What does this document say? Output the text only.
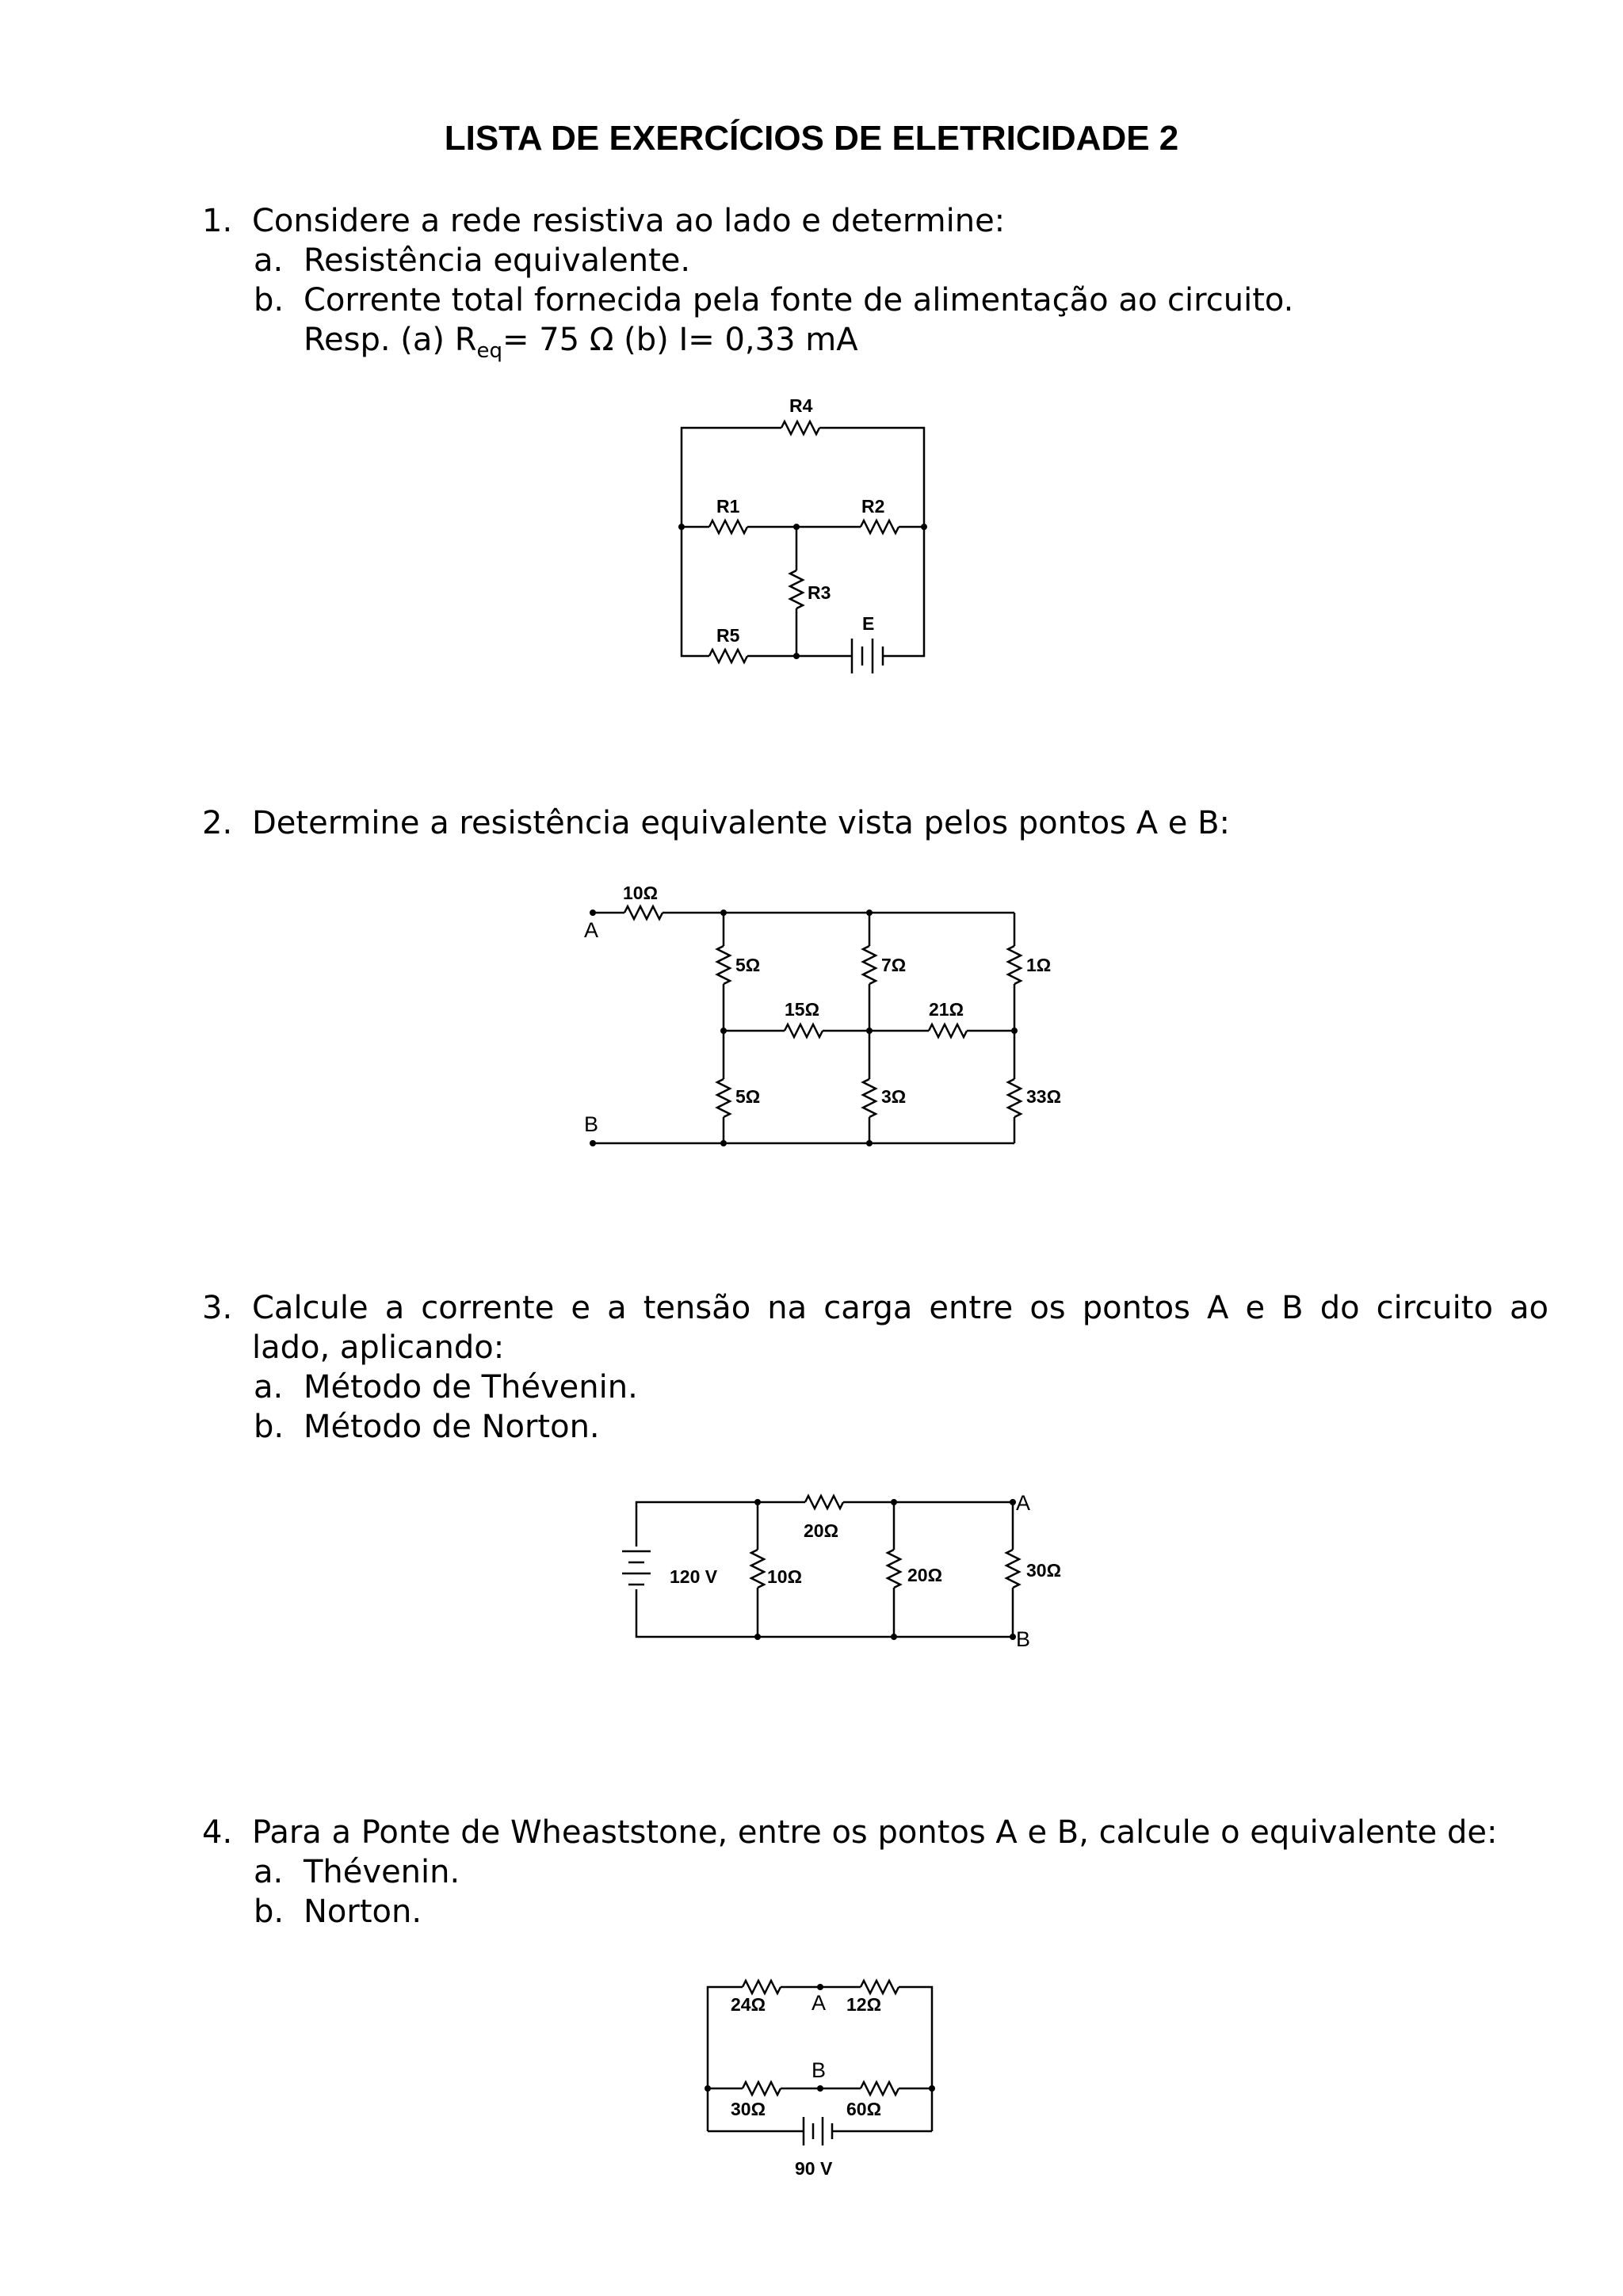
LISTA DE EXERCÍCIOS DE ELETRICIDADE 2
1. Considere a rede resistiva ao lado e determine:
a. Resistência equivalente.
b. Corrente total fornecida pela fonte de alimentação ao circuito.
Resp. (a) $R_{eq}= 75$ Ω (b) I= 0,33 mA
2. Determine a resistência equivalente vista pelos pontos A e B:
3. Calcule a corrente e a tensão na carga entre os pontos A e B do circuito ao
lado, aplicando:
a. Método de Thévenin.
b. Método de Norton.
4. Para a Ponte de Wheaststone, entre os pontos A e B, calcule o equivalente de:
a. Thévenin.
b. Norton.
R4
R1	R2
R3
R5
E
10Ω
A
B
5Ω	7Ω	1Ω
15Ω	21Ω
5Ω	3Ω	33Ω
20Ω
120 V	10Ω	20Ω	30Ω
A
B
24Ω A 12Ω
B
30Ω	60Ω
90 V
